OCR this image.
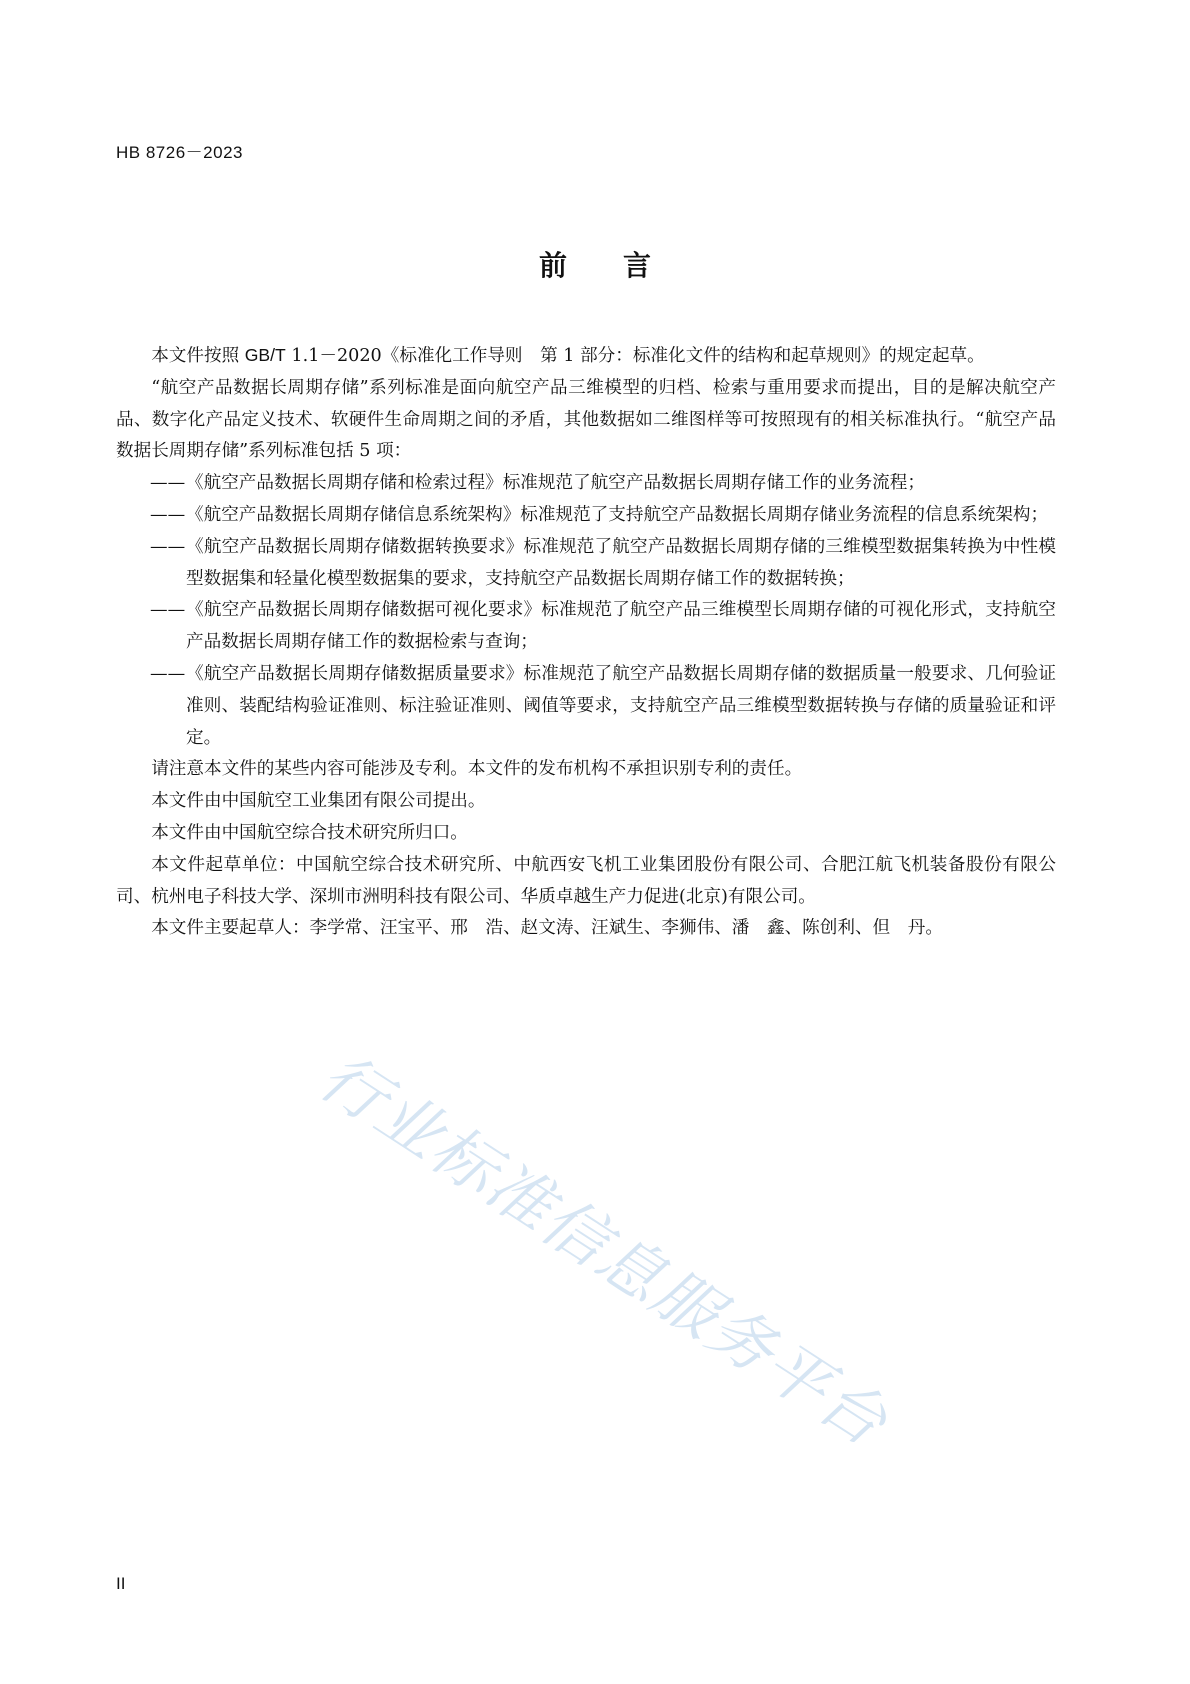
HB 8726－2023
前 言

本文件按照 GB/T 1.1－2020《标准化工作导则　第 1 部分：标准化文件的结构和起草规则》的规定起草。

“航空产品数据长周期存储”系列标准是面向航空产品三维模型的归档、检索与重用要求而提出，目的是解决航空产品、数字化产品定义技术、软硬件生命周期之间的矛盾，其他数据如二维图样等可按照现有的相关标准执行。“航空产品数据长周期存储”系列标准包括 5 项：

——《航空产品数据长周期存储和检索过程》标准规范了航空产品数据长周期存储工作的业务流程；

——《航空产品数据长周期存储信息系统架构》标准规范了支持航空产品数据长周期存储业务流程的信息系统架构；

——《航空产品数据长周期存储数据转换要求》标准规范了航空产品数据长周期存储的三维模型数据集转换为中性模型数据集和轻量化模型数据集的要求，支持航空产品数据长周期存储工作的数据转换；

——《航空产品数据长周期存储数据可视化要求》标准规范了航空产品三维模型长周期存储的可视化形式，支持航空产品数据长周期存储工作的数据检索与查询；

——《航空产品数据长周期存储数据质量要求》标准规范了航空产品数据长周期存储的数据质量一般要求、几何验证准则、装配结构验证准则、标注验证准则、阈值等要求，支持航空产品三维模型数据转换与存储的质量验证和评定。

请注意本文件的某些内容可能涉及专利。本文件的发布机构不承担识别专利的责任。

本文件由中国航空工业集团有限公司提出。

本文件由中国航空综合技术研究所归口。

本文件起草单位：中国航空综合技术研究所、中航西安飞机工业集团股份有限公司、合肥江航飞机装备股份有限公司、杭州电子科技大学、深圳市洲明科技有限公司、华质卓越生产力促进(北京)有限公司。

本文件主要起草人：李学常、汪宝平、邢　浩、赵文涛、汪斌生、李狮伟、潘　鑫、陈创利、但　丹。

行业标准信息服务平台
II
